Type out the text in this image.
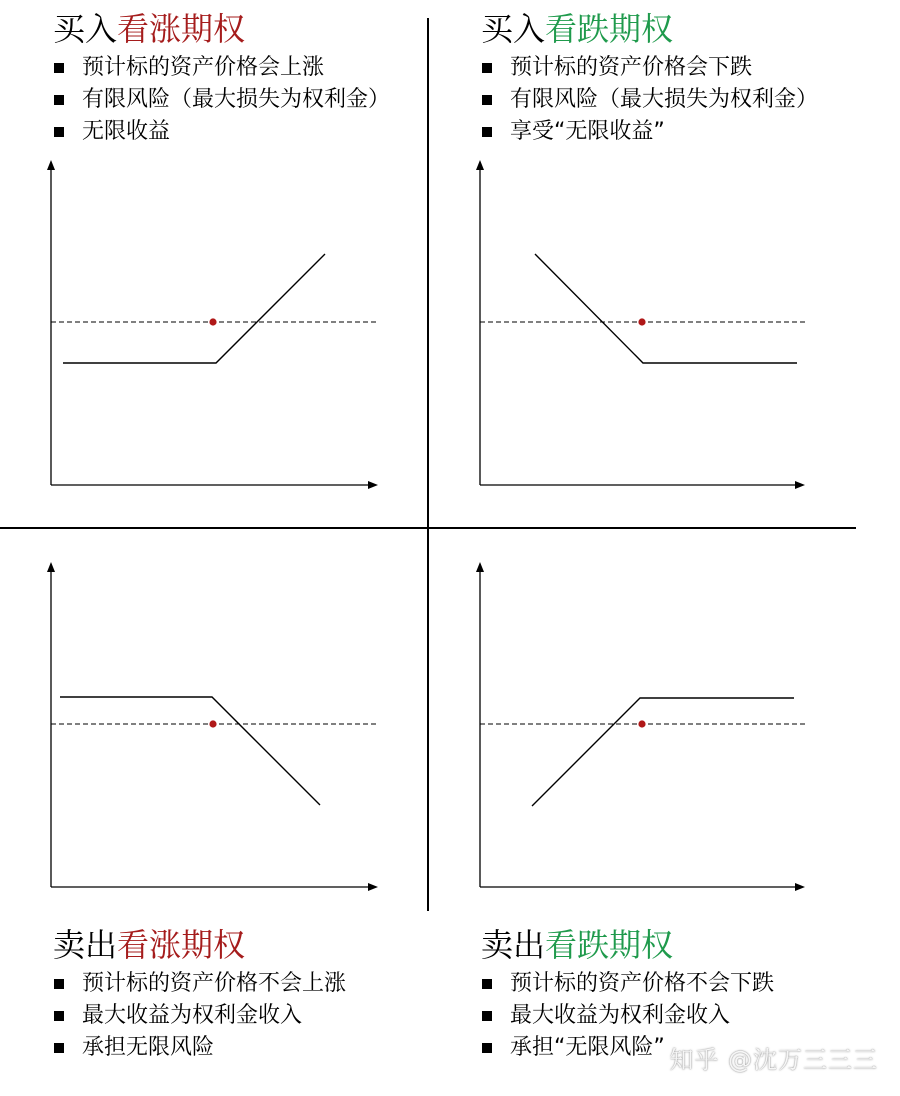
买入看涨期权
预计标的资产价格会上涨
有限风险（最大损失为权利金）
无限收益
买入看跌期权
预计标的资产价格会下跌
有限风险（最大损失为权利金）
享受“无限收益”
卖出看涨期权
预计标的资产价格不会上涨
最大收益为权利金收入
承担无限风险
卖出看跌期权
预计标的资产价格不会下跌
最大收益为权利金收入
承担“无限风险” 知乎 @沈万三三三
